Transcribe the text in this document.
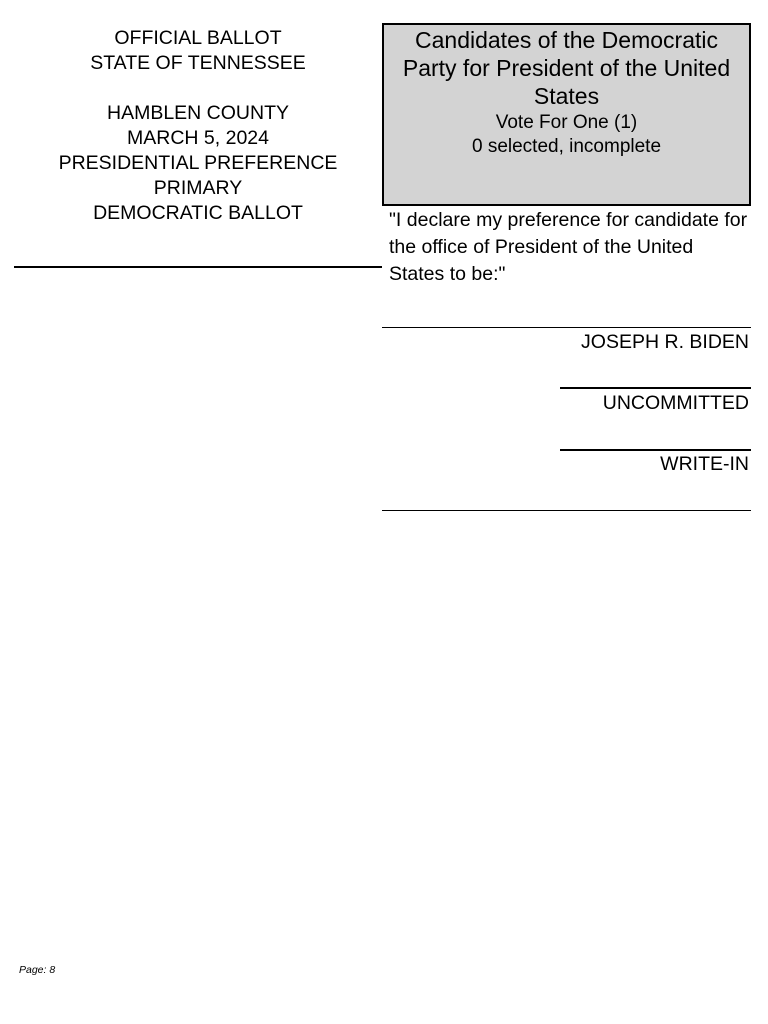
OFFICIAL BALLOT
STATE OF TENNESSEE
HAMBLEN COUNTY
MARCH 5, 2024
PRESIDENTIAL PREFERENCE
PRIMARY
DEMOCRATIC BALLOT
Candidates of the Democratic Party for President of the United States
Vote For One (1)
0 selected, incomplete
"I declare my preference for candidate for the office of President of the United States to be:"
JOSEPH R. BIDEN
UNCOMMITTED
WRITE-IN
Page: 8
